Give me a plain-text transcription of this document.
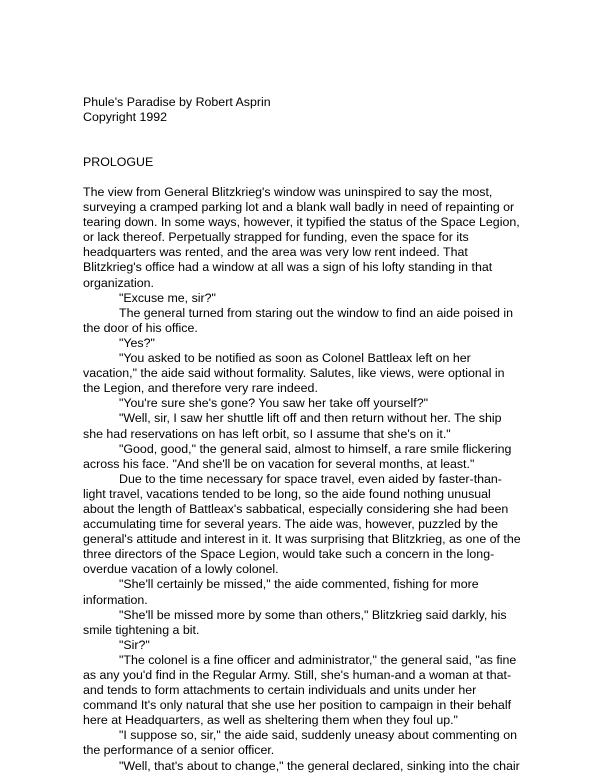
Phule's Paradise by Robert Asprin
Copyright 1992
PROLOGUE

The view from General Blitzkrieg's window was uninspired to say the most, surveying a cramped parking lot and a blank wall badly in need of repainting or tearing down. In some ways, however, it typified the status of the Space Legion, or lack thereof. Perpetually strapped for funding, even the space for its headquarters was rented, and the area was very low rent indeed. That Blitzkrieg's office had a window at all was a sign of his lofty standing in that organization.

"Excuse me, sir?"

The general turned from staring out the window to find an aide poised in the door of his office.

"Yes?"

"You asked to be notified as soon as Colonel Battleax left on her vacation," the aide said without formality. Salutes, like views, were optional in the Legion, and therefore very rare indeed.

"You're sure she's gone? You saw her take off yourself?"

"Well, sir, I saw her shuttle lift off and then return without her. The ship she had reservations on has left orbit, so I assume that she's on it."

"Good, good," the general said, almost to himself, a rare smile flickering across his face. "And she'll be on vacation for several months, at least."

Due to the time necessary for space travel, even aided by faster-than-light travel, vacations tended to be long, so the aide found nothing unusual about the length of Battleax's sabbatical, especially considering she had been accumulating time for several years. The aide was, however, puzzled by the general's attitude and interest in it. It was surprising that Blitzkrieg, as one of the three directors of the Space Legion, would take such a concern in the long-overdue vacation of a lowly colonel.

"She'll certainly be missed," the aide commented, fishing for more information.

"She'll be missed more by some than others," Blitzkrieg said darkly, his smile tightening a bit.

"Sir?"

"The colonel is a fine officer and administrator," the general said, "as fine as any you'd find in the Regular Army. Still, she's human-and a woman at that-and tends to form attachments to certain individuals and units under her command It's only natural that she use her position to campaign in their behalf here at Headquarters, as well as sheltering them when they foul up."

"I suppose so, sir," the aide said, suddenly uneasy about commenting on the performance of a senior officer.

"Well, that's about to change," the general declared, sinking into the chair
